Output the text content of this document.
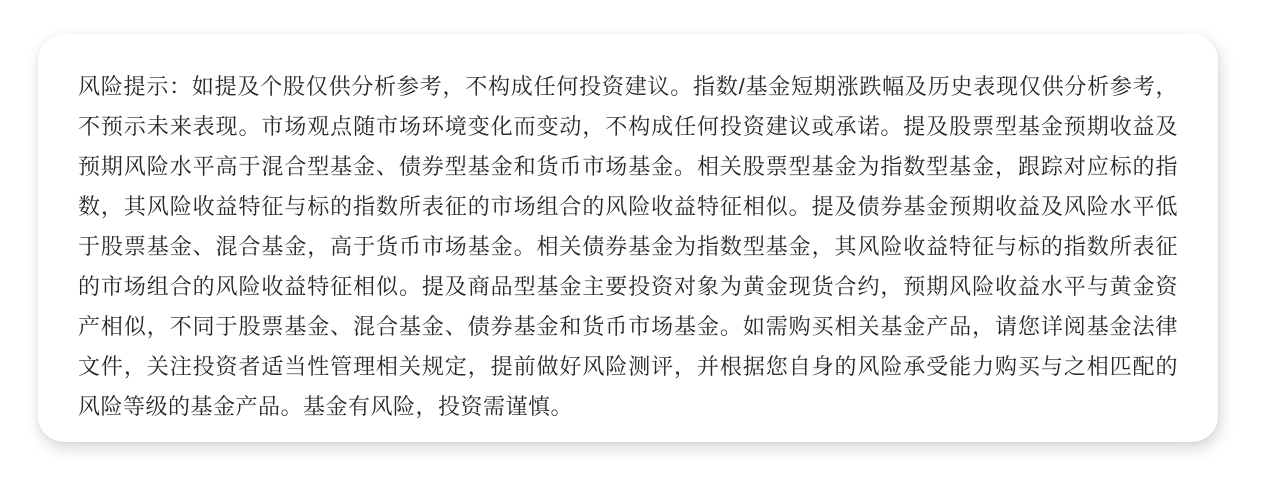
风险提示：如提及个股仅供分析参考，不构成任何投资建议。指数/基金短期涨跌幅及历史表现仅供分析参考，不预示未来表现。市场观点随市场环境变化而变动，不构成任何投资建议或承诺。提及股票型基金预期收益及预期风险水平高于混合型基金、债券型基金和货币市场基金。相关股票型基金为指数型基金，跟踪对应标的指数，其风险收益特征与标的指数所表征的市场组合的风险收益特征相似。提及债券基金预期收益及风险水平低于股票基金、混合基金，高于货币市场基金。相关债券基金为指数型基金，其风险收益特征与标的指数所表征的市场组合的风险收益特征相似。提及商品型基金主要投资对象为黄金现货合约，预期风险收益水平与黄金资产相似，不同于股票基金、混合基金、债券基金和货币市场基金。如需购买相关基金产品，请您详阅基金法律文件，关注投资者适当性管理相关规定，提前做好风险测评，并根据您自身的风险承受能力购买与之相匹配的风险等级的基金产品。基金有风险，投资需谨慎。
